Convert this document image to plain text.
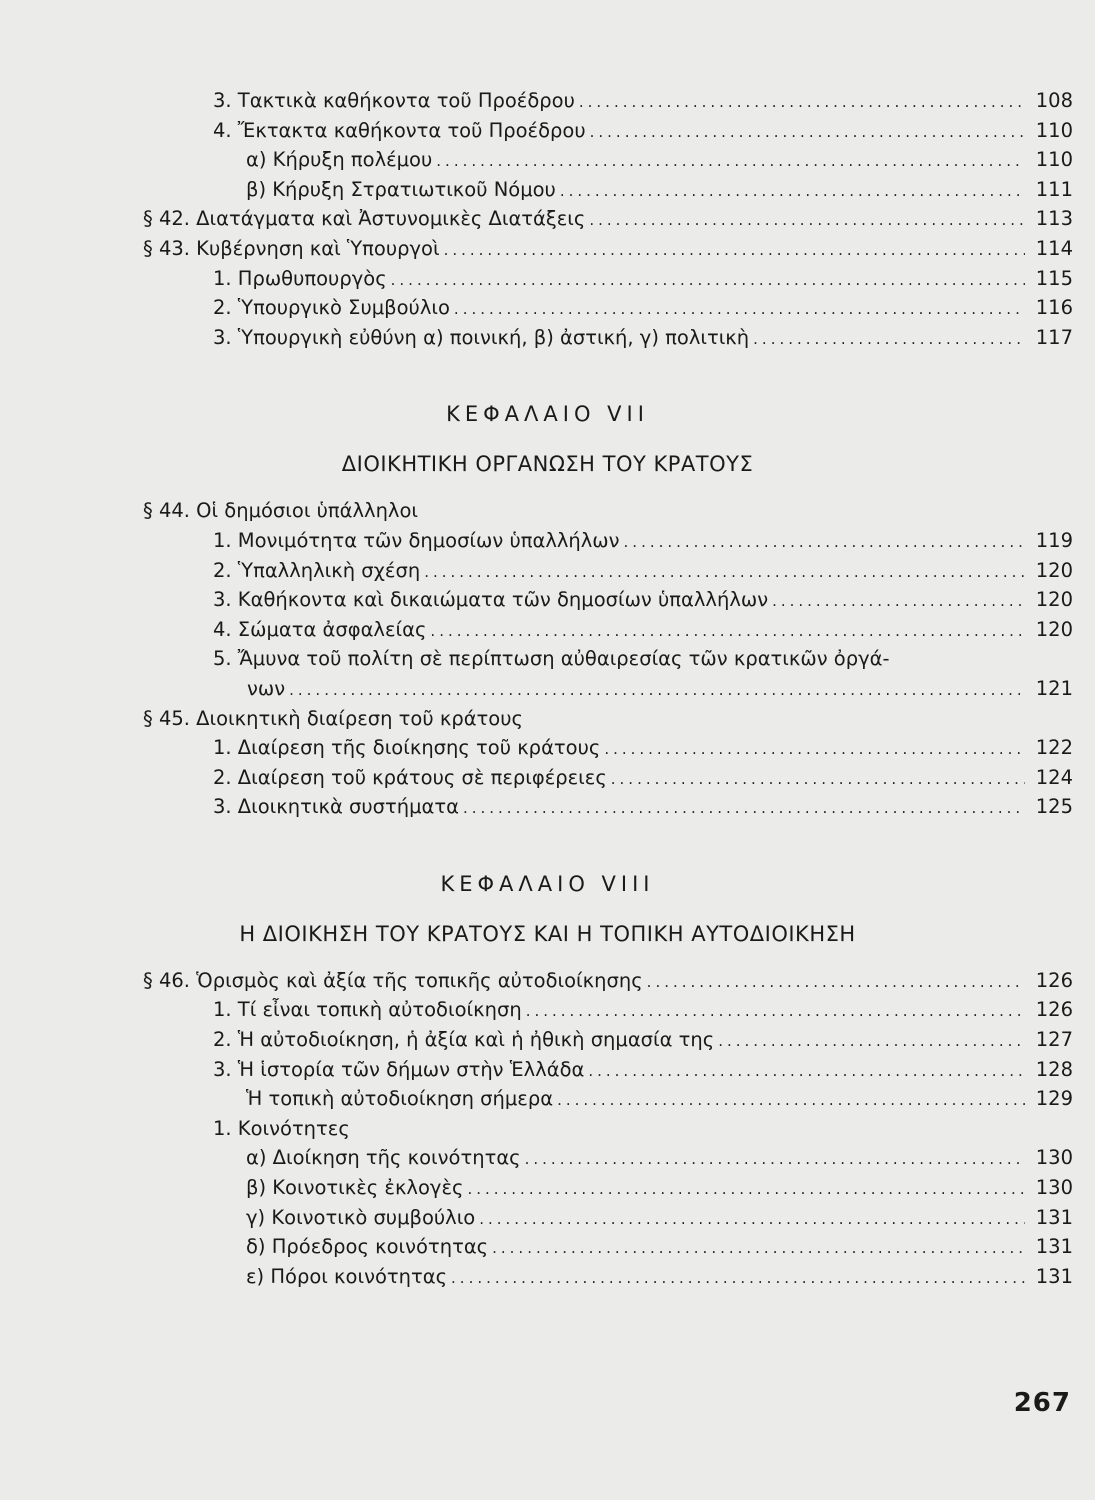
3. Τακτικὰ καθήκοντα τοῦ Προέδρου .....	108
4. Ἔκτακτα καθήκοντα τοῦ Προέδρου .....	110
α) Κήρυξη πολέμου .....	110
β) Κήρυξη Στρατιωτικοῦ Νόμου .....	111
§ 42. Διατάγματα καὶ Ἀστυνομικὲς Διατάξεις .....	113
§ 43. Κυβέρνηση καὶ Ὑπουργοὶ .....	114
1. Πρωθυπουργὸς .....	115
2. Ὑπουργικὸ Συμβούλιο .....	116
3. Ὑπουργικὴ εὐθύνη α) ποινική, β) ἀστική, γ) πολιτικὴ .....	117
ΚΕΦΑΛΑΙΟ VII
ΔΙΟΙΚΗΤΙΚΗ ΟΡΓΑΝΩΣΗ ΤΟΥ ΚΡΑΤΟΥΣ
§ 44. Οἱ δημόσιοι ὑπάλληλοι
1. Μονιμότητα τῶν δημοσίων ὑπαλλήλων .....	119
2. Ὑπαλληλικὴ σχέση .....	120
3. Καθήκοντα καὶ δικαιώματα τῶν δημοσίων ὑπαλλήλων .....	120
4. Σώματα ἀσφαλείας .....	120
5. Ἄμυνα τοῦ πολίτη σὲ περίπτωση αὐθαιρεσίας τῶν κρατικῶν ὀργά-
νων .....	121
§ 45. Διοικητικὴ διαίρεση τοῦ κράτους
1. Διαίρεση τῆς διοίκησης τοῦ κράτους .....	122
2. Διαίρεση τοῦ κράτους σὲ περιφέρειες .....	124
3. Διοικητικὰ συστήματα .....	125
ΚΕΦΑΛΑΙΟ VIII
Η ΔΙΟΙΚΗΣΗ ΤΟΥ ΚΡΑΤΟΥΣ ΚΑΙ Η ΤΟΠΙΚΗ ΑΥΤΟΔΙΟΙΚΗΣΗ
§ 46. Ὁρισμὸς καὶ ἀξία τῆς τοπικῆς αὐτοδιοίκησης .....	126
1. Τί εἶναι τοπικὴ αὐτοδιοίκηση .....	126
2. Ἡ αὐτοδιοίκηση, ἡ ἀξία καὶ ἡ ἠθικὴ σημασία της .....	127
3. Ἡ ἱστορία τῶν δήμων στὴν Ἑλλάδα .....	128
Ἡ τοπικὴ αὐτοδιοίκηση σήμερα .....	129
1. Κοινότητες
α) Διοίκηση τῆς κοινότητας .....	130
β) Κοινοτικὲς ἐκλογὲς .....	130
γ) Κοινοτικὸ συμβούλιο .....	131
δ) Πρόεδρος κοινότητας .....	131
ε) Πόροι κοινότητας .....	131
267
